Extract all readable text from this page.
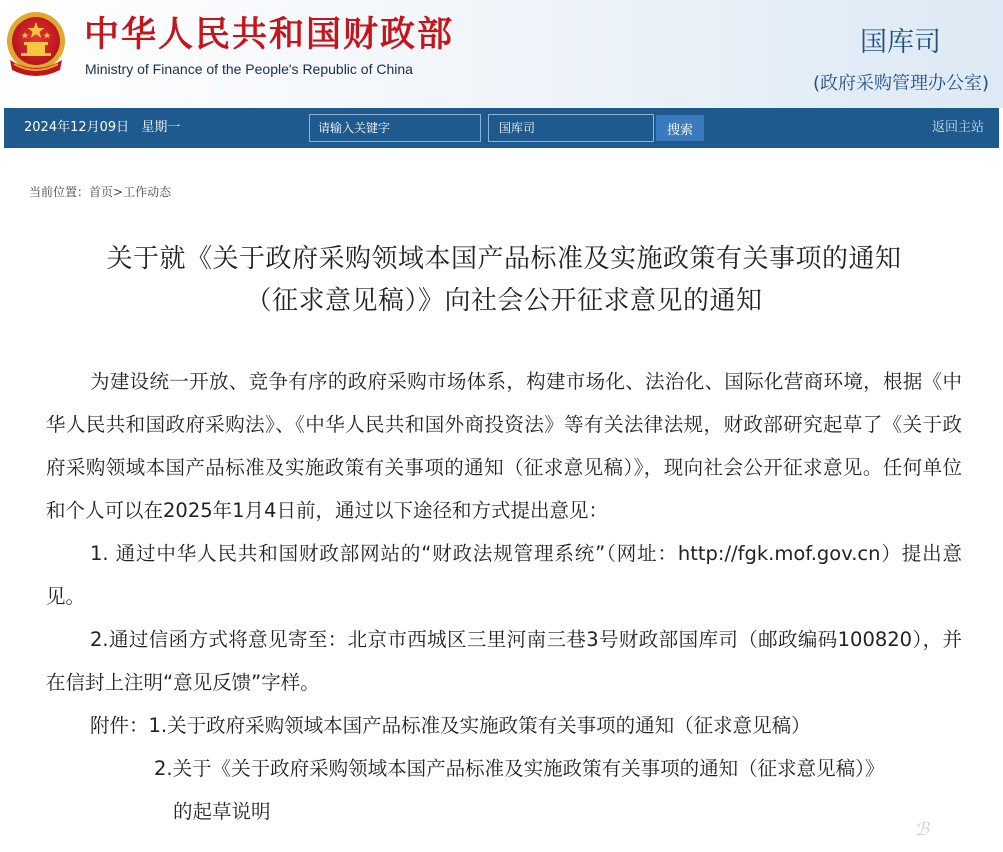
中华人民共和国财政部
Ministry of Finance of the People's Republic of China
国库司
(政府采购管理办公室)
2024年12月09日 星期一
请输入关键字	国库司	搜索	返回主站
当前位置：首页>工作动态
关于就《关于政府采购领域本国产品标准及实施政策有关事项的通知
（征求意见稿）》向社会公开征求意见的通知

为建设统一开放、竞争有序的政府采购市场体系，构建市场化、法治化、国际化营商环境，根据《中华人民共和国政府采购法》、《中华人民共和国外商投资法》等有关法律法规，财政部研究起草了《关于政府采购领域本国产品标准及实施政策有关事项的通知（征求意见稿）》，现向社会公开征求意见。任何单位和个人可以在2025年1月4日前，通过以下途径和方式提出意见：

1. 通过中华人民共和国财政部网站的“财政法规管理系统”（网址：http://fgk.mof.gov.cn）提出意见。

2.通过信函方式将意见寄至：北京市西城区三里河南三巷3号财政部国库司（邮政编码100820），并在信封上注明“意见反馈”字样。

附件：1.关于政府采购领域本国产品标准及实施政策有关事项的通知（征求意见稿）

2.关于《关于政府采购领域本国产品标准及实施政策有关事项的通知（征求意见稿）》

的起草说明

ℬ
